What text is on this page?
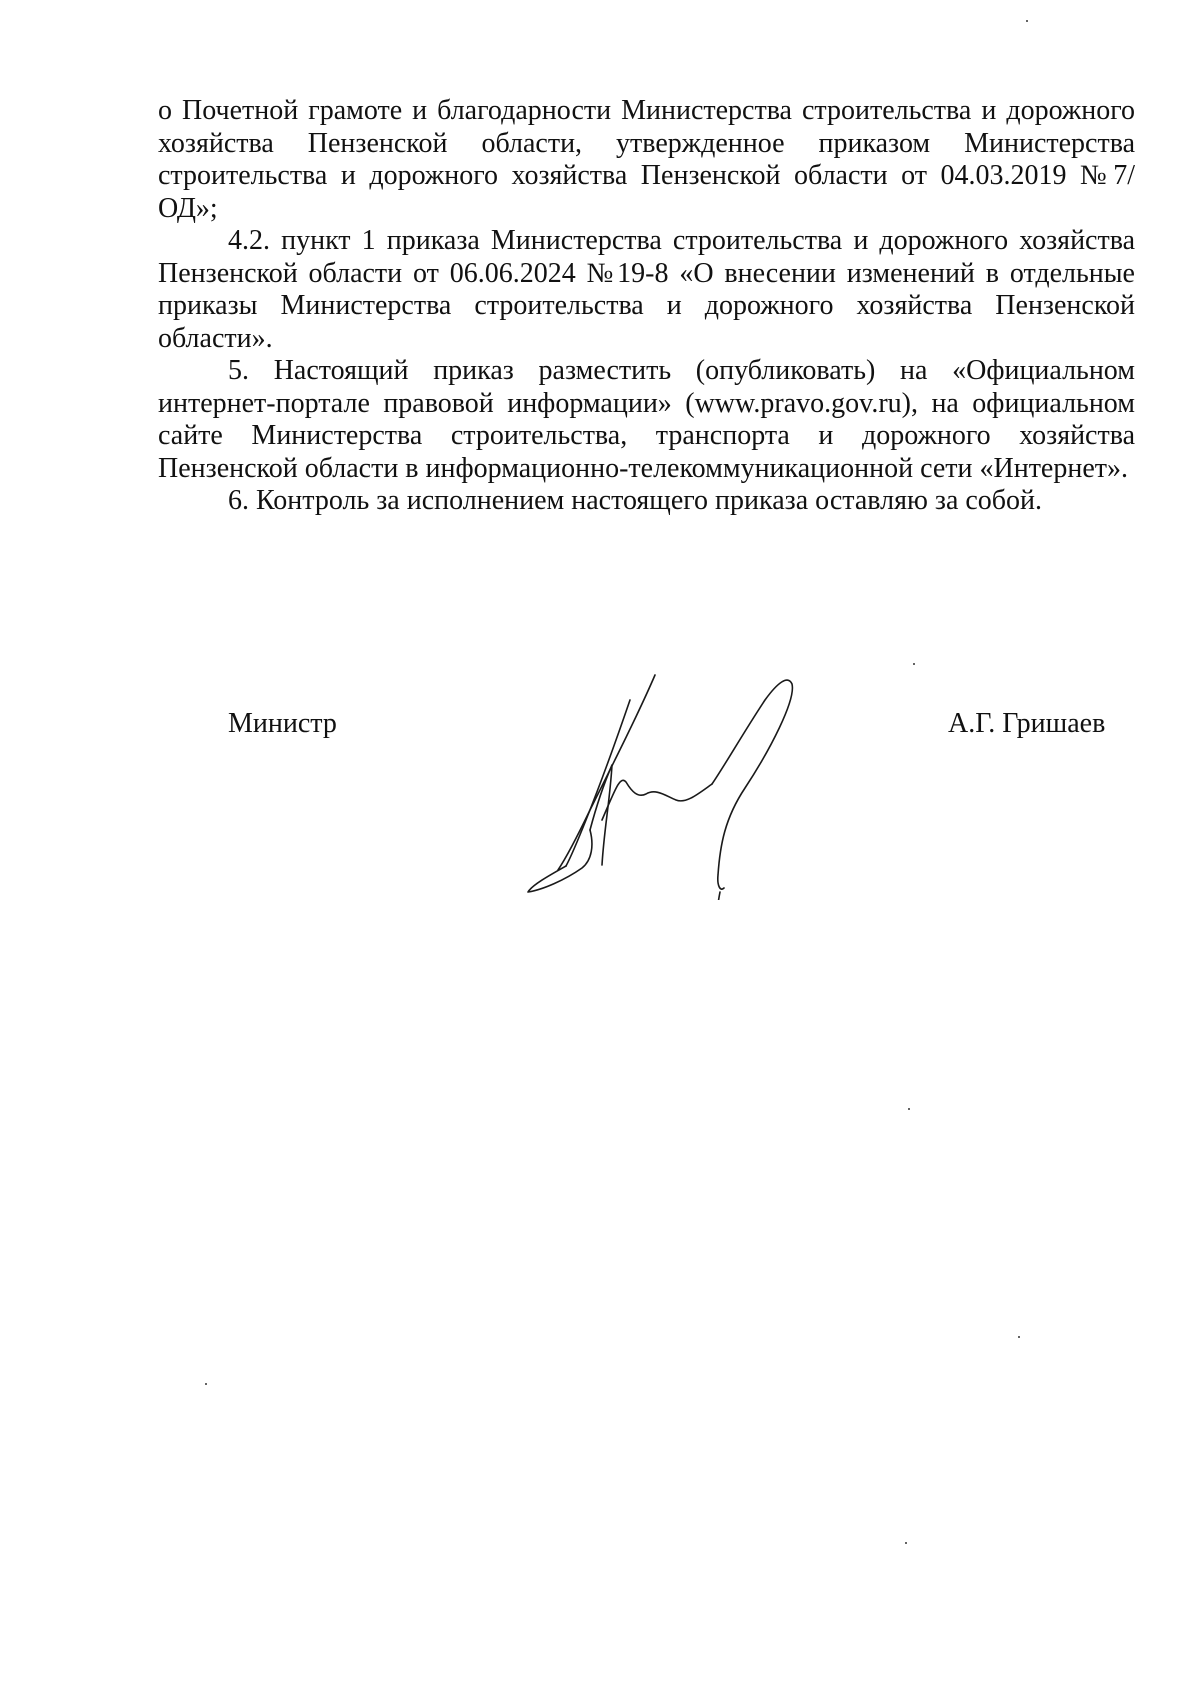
о Почетной грамоте и благодарности Министерства строительства и дорожного хозяйства Пензенской области, утвержденное приказом Министерства строительства и дорожного хозяйства Пензенской области от 04.03.2019 №7/ОД»;

4.2. пункт 1 приказа Министерства строительства и дорожного хозяйства Пензенской области от 06.06.2024 №19-8 «О внесении изменений в отдельные приказы Министерства строительства и дорожного хозяйства Пензенской области».

5. Настоящий приказ разместить (опубликовать) на «Официальном интернет-портале правовой информации» (www.pravo.gov.ru), на официальном сайте Министерства строительства, транспорта и дорожного хозяйства Пензенской области в информационно-телекоммуникационной сети «Интернет».

6. Контроль за исполнением настоящего приказа оставляю за собой.

Министр	А.Г. Гришаев
